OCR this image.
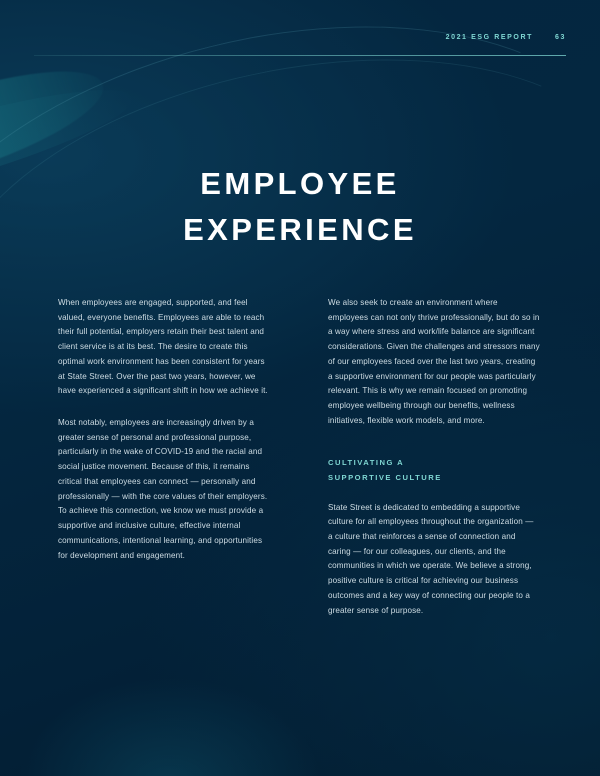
2021 ESG REPORT	63
EMPLOYEE
EXPERIENCE

When employees are engaged, supported, and feel valued, everyone benefits. Employees are able to reach their full potential, employers retain their best talent and client service is at its best. The desire to create this optimal work environment has been consistent for years at State Street. Over the past two years, however, we have experienced a significant shift in how we achieve it.

Most notably, employees are increasingly driven by a greater sense of personal and professional purpose, particularly in the wake of COVID-19 and the racial and social justice movement. Because of this, it remains critical that employees can connect — personally and professionally — with the core values of their employers. To achieve this connection, we know we must provide a supportive and inclusive culture, effective internal communications, intentional learning, and opportunities for development and engagement.

We also seek to create an environment where employees can not only thrive professionally, but do so in a way where stress and work/life balance are significant considerations. Given the challenges and stressors many of our employees faced over the last two years, creating a supportive environment for our people was particularly relevant. This is why we remain focused on promoting employee wellbeing through our benefits, wellness initiatives, flexible work models, and more.

CULTIVATING A
SUPPORTIVE CULTURE

State Street is dedicated to embedding a supportive culture for all employees throughout the organization — a culture that reinforces a sense of connection and caring — for our colleagues, our clients, and the communities in which we operate. We believe a strong, positive culture is critical for achieving our business outcomes and a key way of connecting our people to a greater sense of purpose.
